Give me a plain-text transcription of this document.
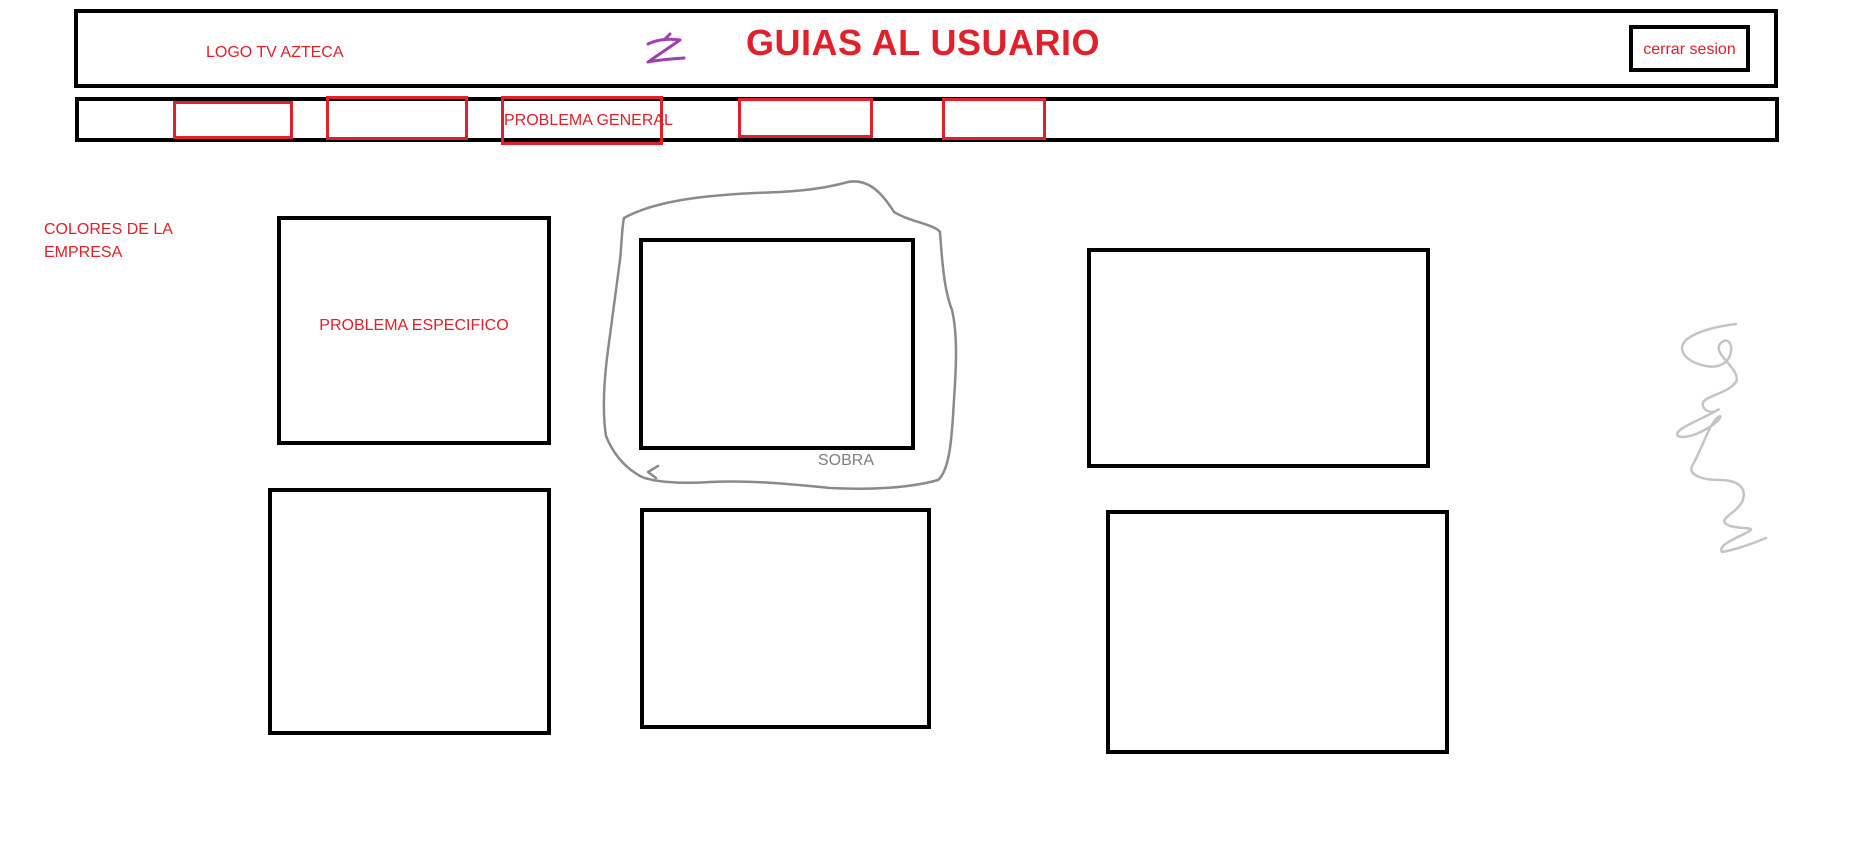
LOGO TV AZTECA	GUIAS AL USUARIO	cerrar sesion
PROBLEMA GENERAL
COLORES DE LA EMPRESA
PROBLEMA ESPECIFICO
SOBRA
